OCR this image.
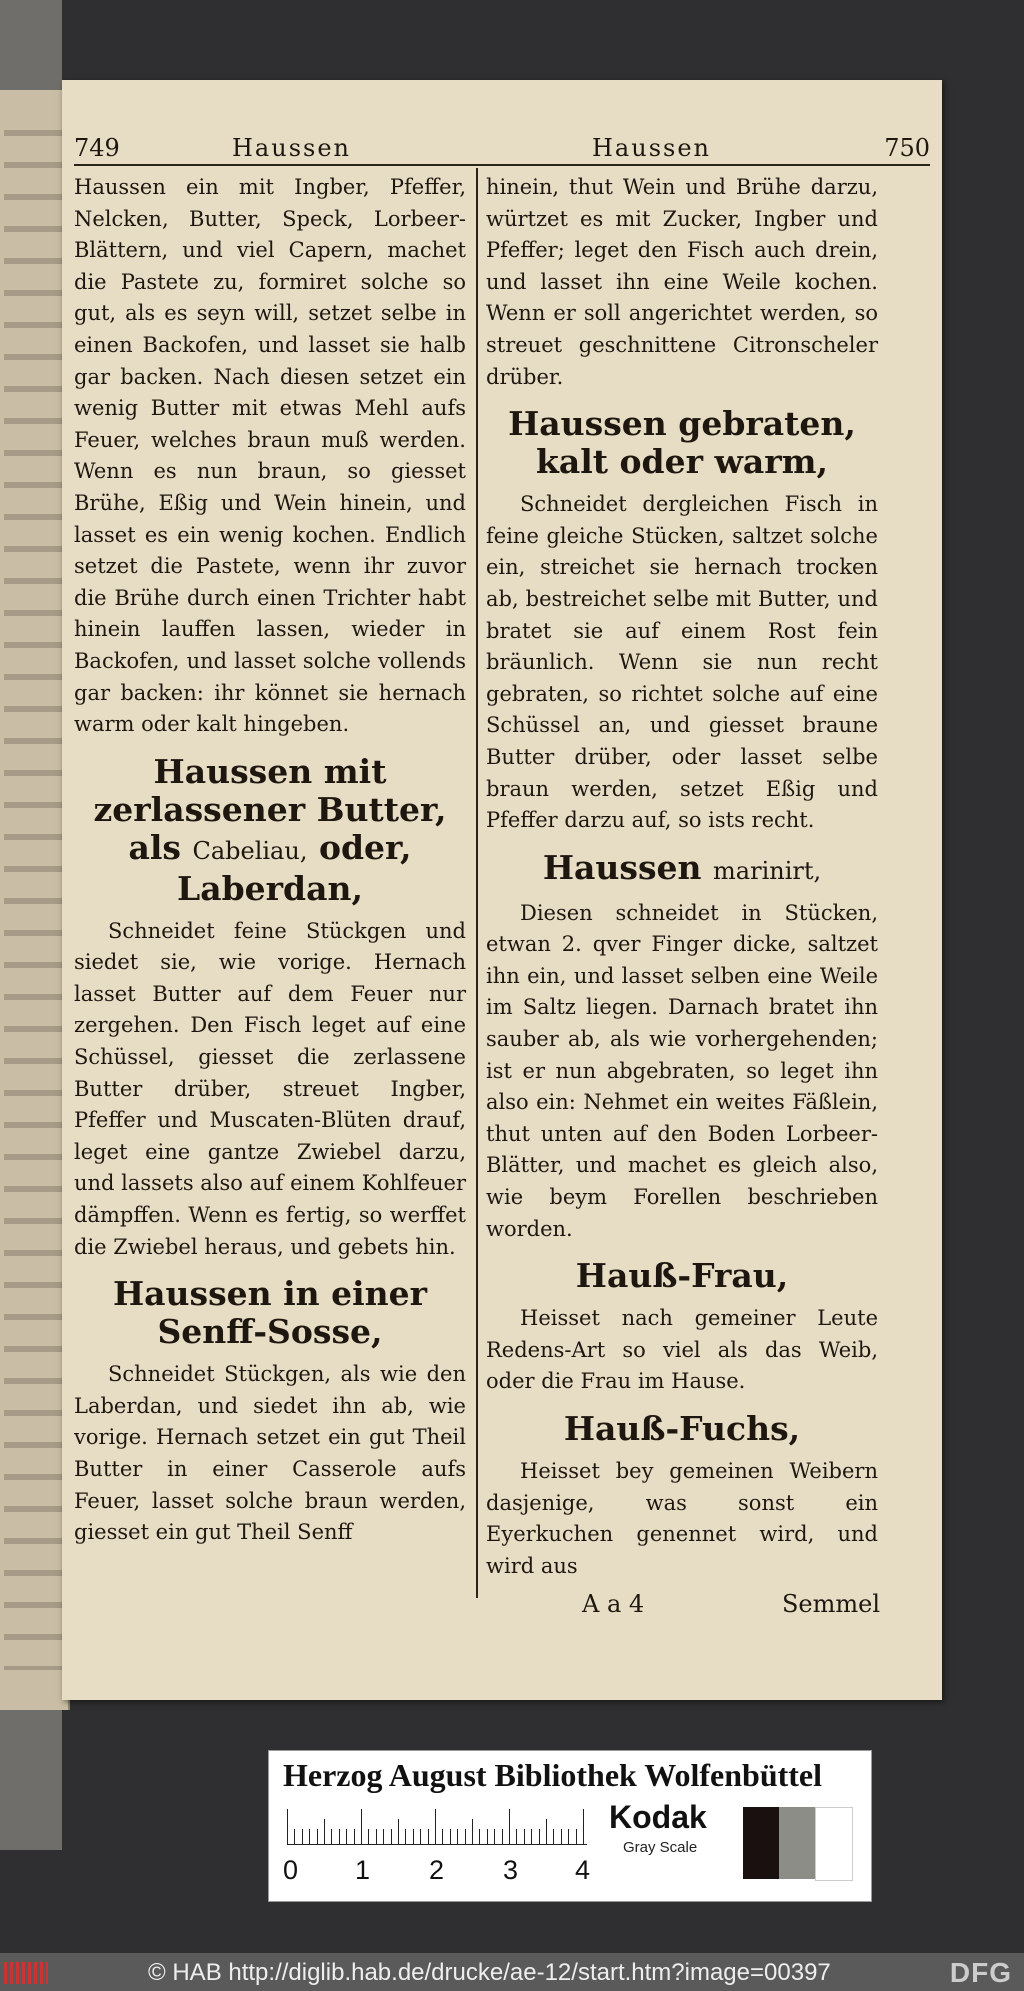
749	Haussen	Haussen	750

Haussen ein mit Ingber, Pfeffer, Nelcken, Butter, Speck, Lorbeer-Blättern, und viel Capern, machet die Pastete zu, formiret solche so gut, als es seyn will, setzet selbe in einen Backofen, und lasset sie halb gar backen. Nach diesen setzet ein wenig Butter mit etwas Mehl aufs Feuer, welches braun muß werden. Wenn es nun braun, so giesset Brühe, Eßig und Wein hinein, und lasset es ein wenig kochen. Endlich setzet die Pastete, wenn ihr zuvor die Brühe durch einen Trichter habt hinein lauffen lassen, wieder in Backofen, und lasset solche vollends gar backen: ihr könnet sie hernach warm oder kalt hingeben.

Haussen mit zerlassener Butter, als Cabeliau, oder, Laberdan,

Schneidet feine Stückgen und siedet sie, wie vorige. Hernach lasset Butter auf dem Feuer nur zergehen. Den Fisch leget auf eine Schüssel, giesset die zerlassene Butter drüber, streuet Ingber, Pfeffer und Muscaten-Blüten drauf, leget eine gantze Zwiebel darzu, und lassets also auf einem Kohlfeuer dämpffen. Wenn es fertig, so werffet die Zwiebel heraus, und gebets hin.

Haussen in einer Senff-Sosse,

Schneidet Stückgen, als wie den Laberdan, und siedet ihn ab, wie vorige. Hernach setzet ein gut Theil Butter in einer Casserole aufs Feuer, lasset solche braun werden, giesset ein gut Theil Senff

hinein, thut Wein und Brühe darzu, würtzet es mit Zucker, Ingber und Pfeffer; leget den Fisch auch drein, und lasset ihn eine Weile kochen. Wenn er soll angerichtet werden, so streuet geschnittene Citronscheler drüber.

Haussen gebraten, kalt oder warm,

Schneidet dergleichen Fisch in feine gleiche Stücken, saltzet solche ein, streichet sie hernach trocken ab, bestreichet selbe mit Butter, und bratet sie auf einem Rost fein bräunlich. Wenn sie nun recht gebraten, so richtet solche auf eine Schüssel an, und giesset braune Butter drüber, oder lasset selbe braun werden, setzet Eßig und Pfeffer darzu auf, so ists recht.

Haussen marinirt,

Diesen schneidet in Stücken, etwan 2. qver Finger dicke, saltzet ihn ein, und lasset selben eine Weile im Saltz liegen. Darnach bratet ihn sauber ab, als wie vorhergehenden; ist er nun abgebraten, so leget ihn also ein: Nehmet ein weites Fäßlein, thut unten auf den Boden Lorbeer-Blätter, und machet es gleich also, wie beym Forellen beschrieben worden.

Hauß-Frau,

Heisset nach gemeiner Leute Redens-Art so viel als das Weib, oder die Frau im Hause.

Hauß-Fuchs,

Heisset bey gemeinen Weibern dasjenige, was sonst ein Eyerkuchen genennet wird, und wird aus

A a 4	Semmel
Herzog August Bibliothek Wolfenbüttel
0 1 2 3 4
Kodak
Gray Scale
© HAB http://diglib.hab.de/drucke/ae-12/start.htm?image=00397	DFG
